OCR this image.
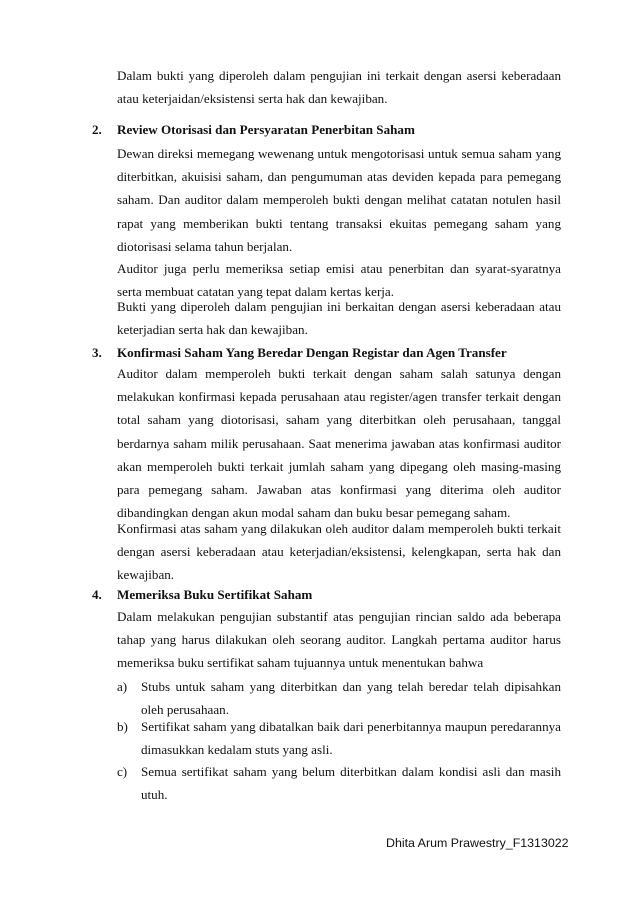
Dalam bukti yang diperoleh dalam pengujian ini terkait dengan asersi keberadaan atau keterjaidan/eksistensi serta hak dan kewajiban.

2. Review Otorisasi dan Persyaratan Penerbitan Saham

Dewan direksi memegang wewenang untuk mengotorisasi untuk semua saham yang diterbitkan, akuisisi saham, dan pengumuman atas deviden kepada para pemegang saham. Dan auditor dalam memperoleh bukti dengan melihat catatan notulen hasil rapat yang memberikan bukti tentang transaksi ekuitas pemegang saham yang diotorisasi selama tahun berjalan.

Auditor juga perlu memeriksa setiap emisi atau penerbitan dan syarat-syaratnya serta membuat catatan yang tepat dalam kertas kerja.

Bukti yang diperoleh dalam pengujian ini berkaitan dengan asersi keberadaan atau keterjadian serta hak dan kewajiban.

3. Konfirmasi Saham Yang Beredar Dengan Registar dan Agen Transfer

Auditor dalam memperoleh bukti terkait dengan saham salah satunya dengan melakukan konfirmasi kepada perusahaan atau register/agen transfer terkait dengan total saham yang diotorisasi, saham yang diterbitkan oleh perusahaan, tanggal berdarnya saham milik perusahaan. Saat menerima jawaban atas konfirmasi auditor akan memperoleh bukti terkait jumlah saham yang dipegang oleh masing-masing para pemegang saham. Jawaban atas konfirmasi yang diterima oleh auditor dibandingkan dengan akun modal saham dan buku besar pemegang saham.

Konfirmasi atas saham yang dilakukan oleh auditor dalam memperoleh bukti terkait dengan asersi keberadaan atau keterjadian/eksistensi, kelengkapan, serta hak dan kewajiban.

4. Memeriksa Buku Sertifikat Saham

Dalam melakukan pengujian substantif atas pengujian rincian saldo ada beberapa tahap yang harus dilakukan oleh seorang auditor. Langkah pertama auditor harus memeriksa buku sertifikat saham tujuannya untuk menentukan bahwa

a)	Stubs untuk saham yang diterbitkan dan yang telah beredar telah dipisahkan oleh perusahaan.
b) Sertifikat saham yang dibatalkan baik dari penerbitannya maupun peredarannya dimasukkan kedalam stuts yang asli.
c)	Semua sertifikat saham yang belum diterbitkan dalam kondisi asli dan masih utuh.
Dhita Arum Prawestry_F1313022
